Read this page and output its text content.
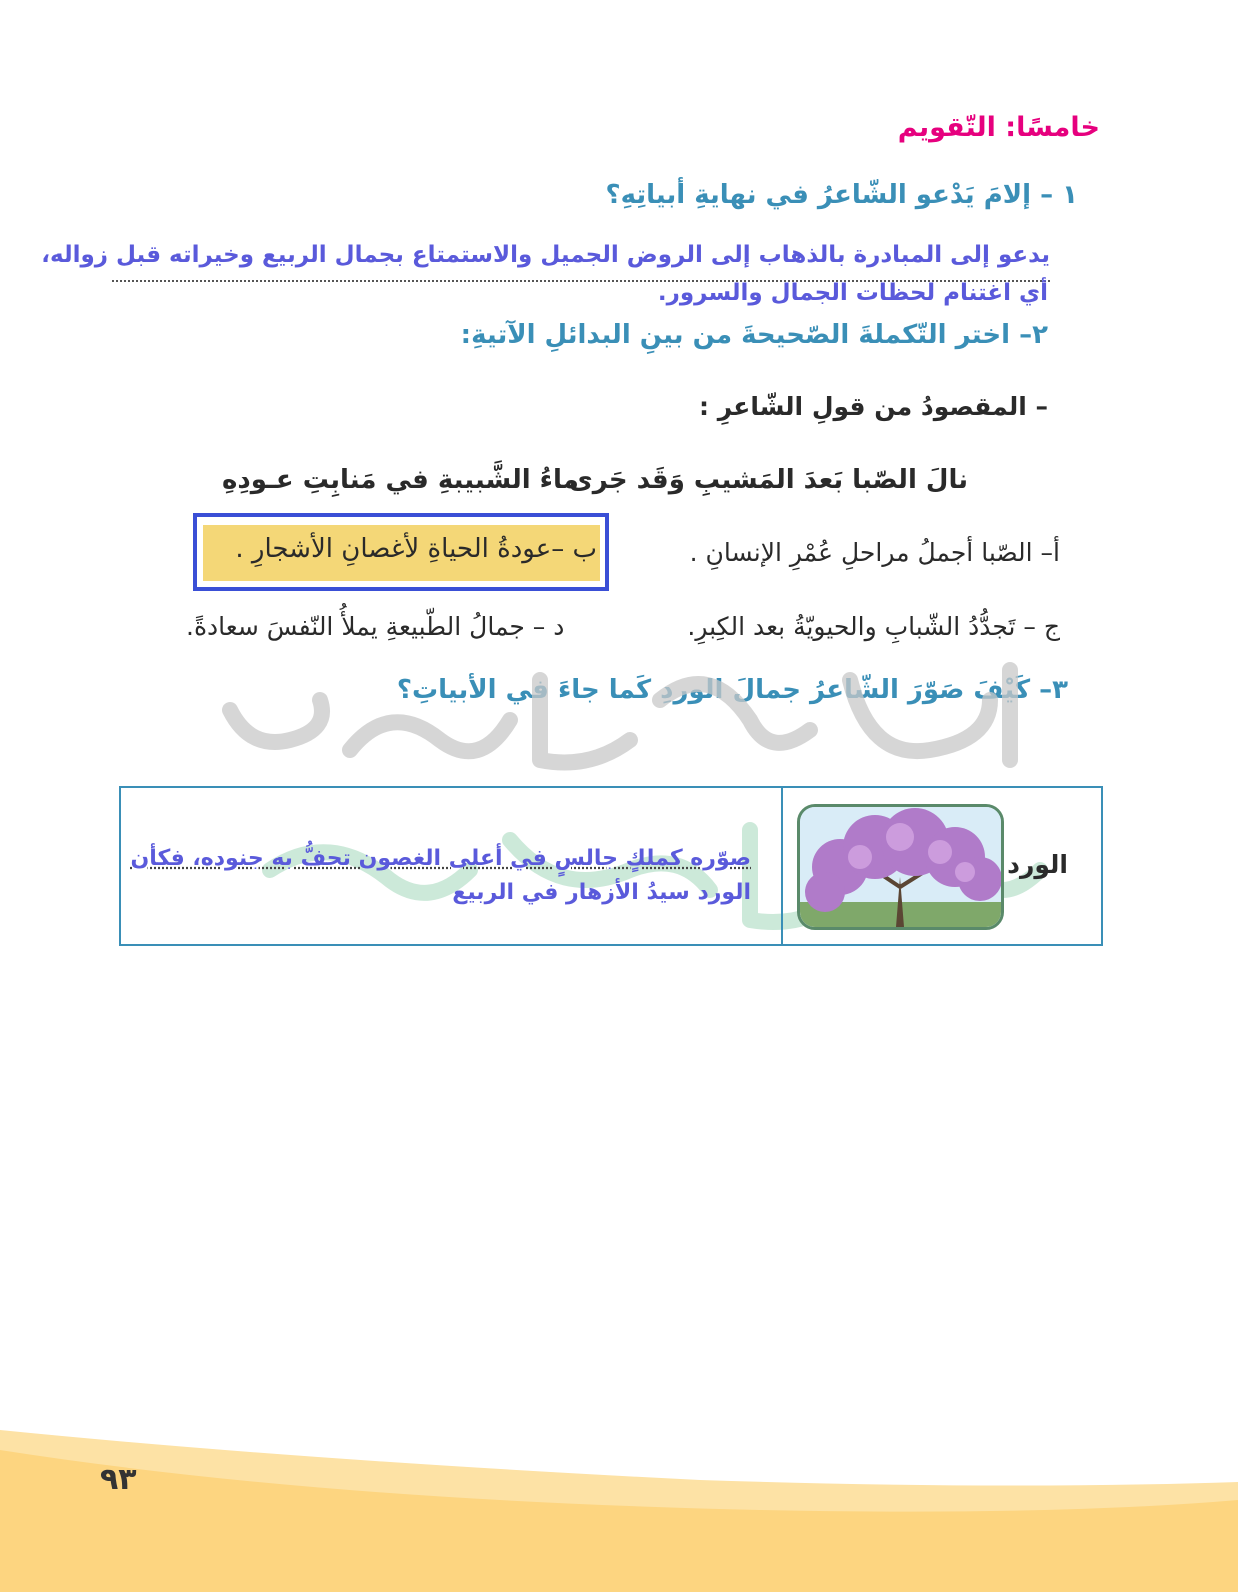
خامسًا: التّقويم
١ – إلامَ يَدْعو الشّاعرُ في نهايةِ أبياتِهِ؟
يدعو إلى المبادرة بالذهاب إلى الروض الجميل والاستمتاع بجمال الربيع وخيراته قبل زواله،
أي اغتنام لحظات الجمال والسرور.
٢– اختر التّكملةَ الصّحيحةَ من بينِ البدائلِ الآتيةِ:
– المقصودُ من قولِ الشّاعرِ :
نالَ الصّبا بَعدَ المَشيبِ وَقَد جَرى
ماءُ الشَّبيبةِ في مَنابِتِ عـودِهِ
أ– الصّبا أجملُ مراحلِ عُمْرِ الإنسانِ .
ب –عودةُ الحياةِ لأغصانِ الأشجارِ .
ج – تَجدُّدُ الشّبابِ والحيويّةُ بعد الكِبرِ.
د – جمالُ الطّبيعةِ يملأُ النّفسَ سعادةً.
٣– كَيْفَ صَوّرَ الشّاعرُ جمالَ الوردِ كَما جاءَ في الأبياتِ؟
الورد
صوّره كملكٍ جالسٍ في أعلى الغصون تحفُّ به جنوده، فكأن
الورد سيدُ الأزهار في الربيع
٩٣
